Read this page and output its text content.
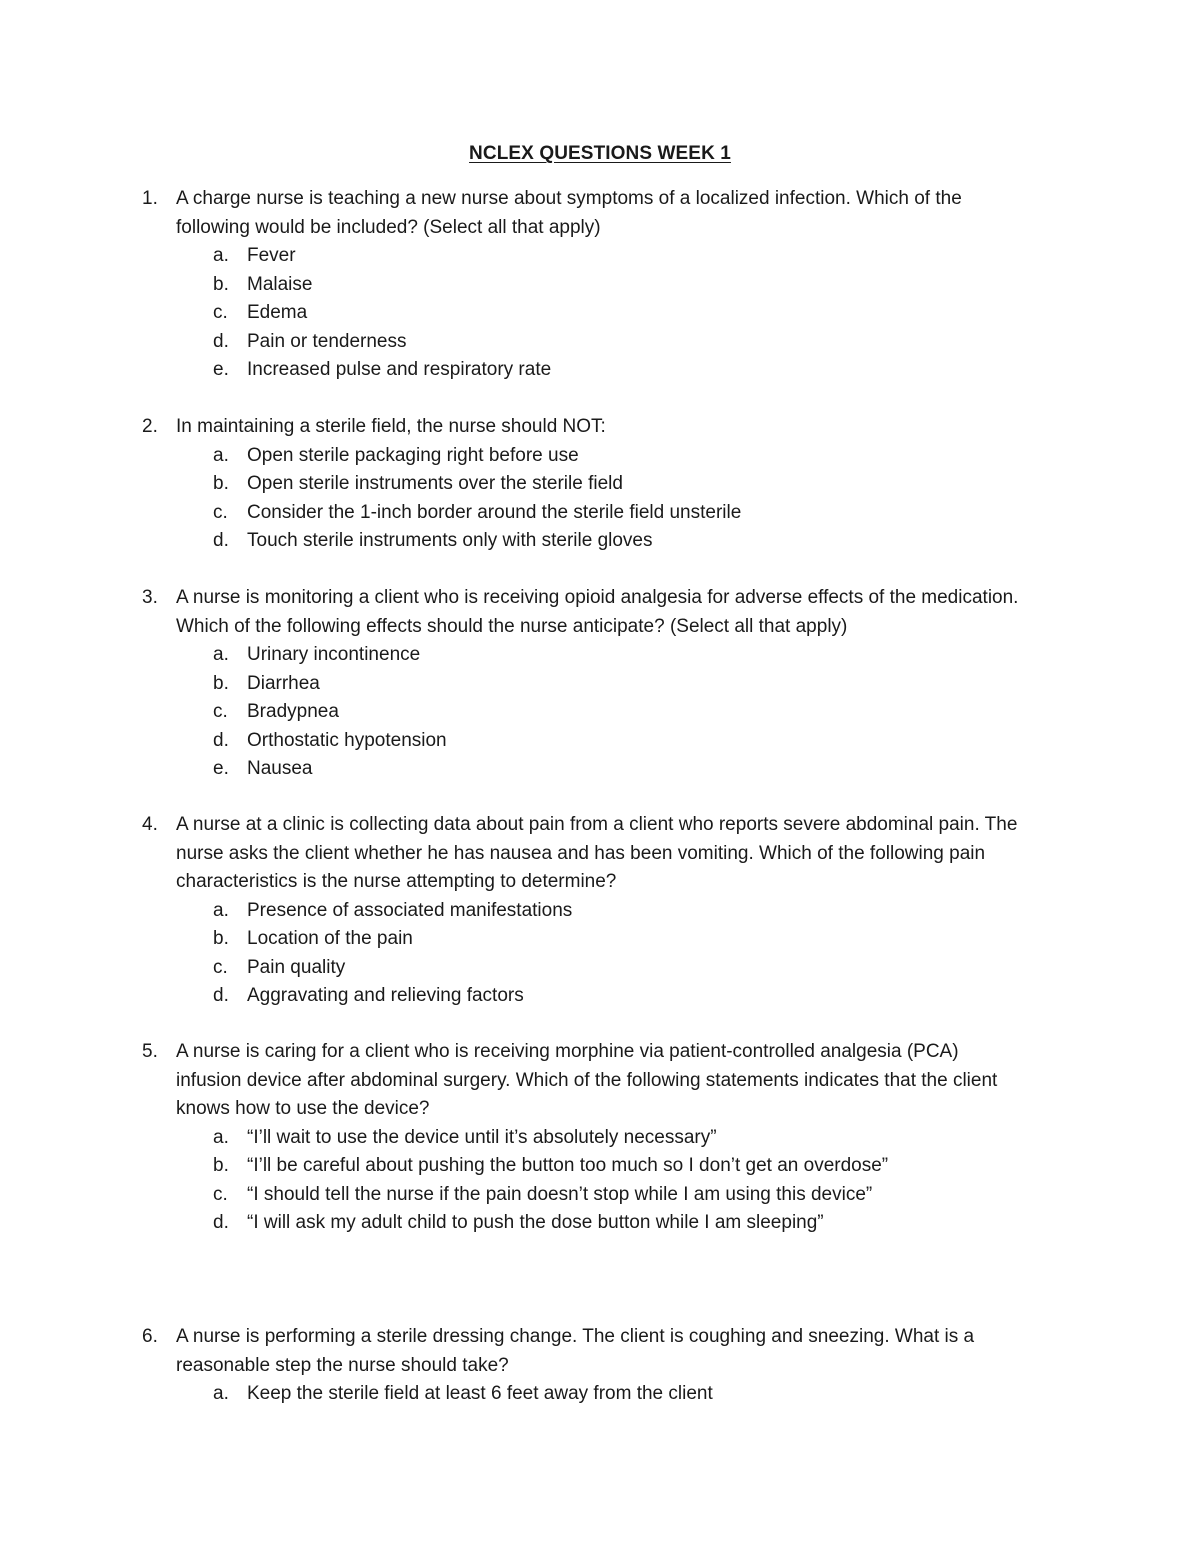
NCLEX QUESTIONS WEEK 1
1. A charge nurse is teaching a new nurse about symptoms of a localized infection. Which of the
following would be included? (Select all that apply)
a. Fever
b. Malaise
c. Edema
d. Pain or tenderness
e. Increased pulse and respiratory rate
2. In maintaining a sterile field, the nurse should NOT:
a. Open sterile packaging right before use
b. Open sterile instruments over the sterile field
c. Consider the 1-inch border around the sterile field unsterile
d. Touch sterile instruments only with sterile gloves
3. A nurse is monitoring a client who is receiving opioid analgesia for adverse effects of the medication.
Which of the following effects should the nurse anticipate? (Select all that apply)
a. Urinary incontinence
b. Diarrhea
c. Bradypnea
d. Orthostatic hypotension
e. Nausea
4. A nurse at a clinic is collecting data about pain from a client who reports severe abdominal pain. The
nurse asks the client whether he has nausea and has been vomiting. Which of the following pain
characteristics is the nurse attempting to determine?
a. Presence of associated manifestations
b. Location of the pain
c. Pain quality
d. Aggravating and relieving factors
5. A nurse is caring for a client who is receiving morphine via patient-controlled analgesia (PCA)
infusion device after abdominal surgery. Which of the following statements indicates that the client
knows how to use the device?
a. “I’ll wait to use the device until it’s absolutely necessary”
b. “I’ll be careful about pushing the button too much so I don’t get an overdose”
c. “I should tell the nurse if the pain doesn’t stop while I am using this device”
d. “I will ask my adult child to push the dose button while I am sleeping”
6. A nurse is performing a sterile dressing change. The client is coughing and sneezing. What is a
reasonable step the nurse should take?
a. Keep the sterile field at least 6 feet away from the client
